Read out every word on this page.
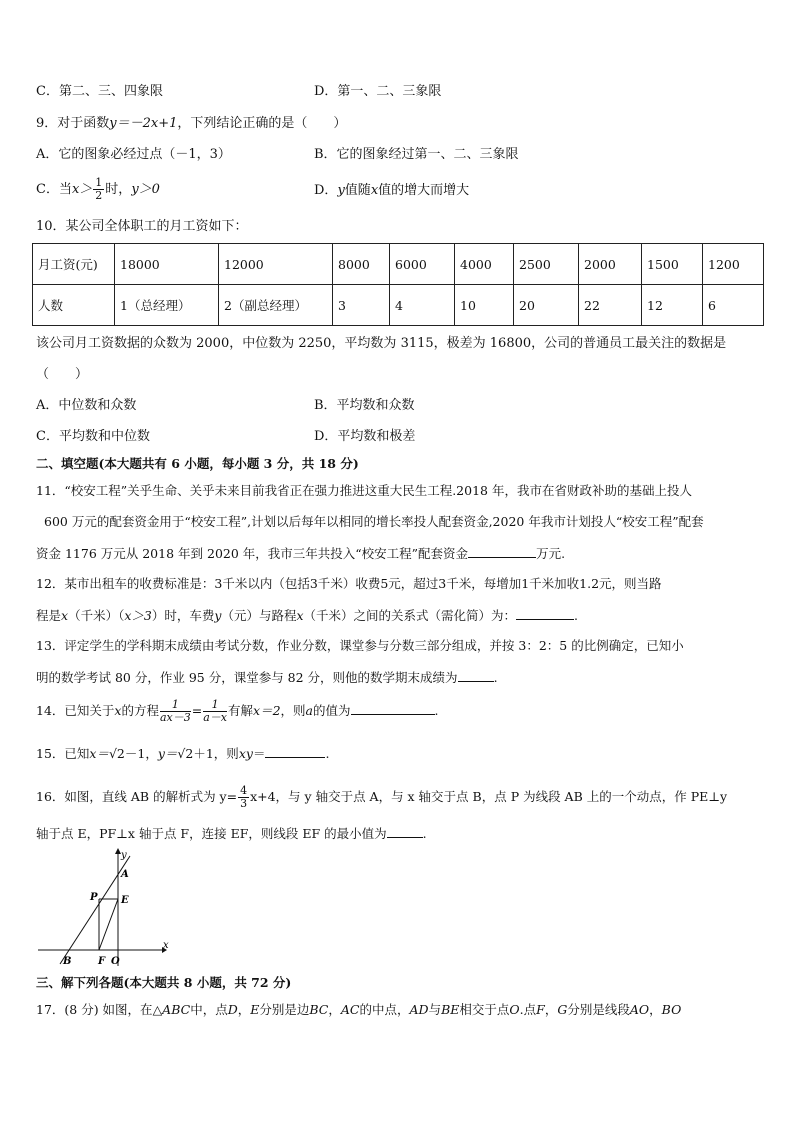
C．第二、三、四象限	D．第一、二、三象限
9．对于函数y＝－2x+1，下列结论正确的是（　　）
A．它的图象必经过点（－1，3）	B．它的图象经过第一、二、三象限
C．当$x> \frac{1}{2}$ 时，y＞0	D．y值随x值的增大而增大
10．某公司全体职工的月工资如下：
月工资(元)	18000	12000	8000	6000	4000	2500	2000	1500	1200
人数	1（总经理）	2（副总经理）	3	4	10	20	22	12	6
该公司月工资数据的众数为 2000，中位数为 2250，平均数为 3115，极差为 16800，公司的普通员工最关注的数据是
（　　）
A．中位数和众数	B．平均数和众数
C．平均数和中位数	D．平均数和极差
二、填空题(本大题共有 6 小题，每小题 3 分，共 18 分)
11．“校安工程”关乎生命、关乎未来目前我省正在强力推进这重大民生工程.2018 年，我市在省财政补助的基础上投人
600 万元的配套资金用于“校安工程”,计划以后每年以相同的增长率投人配套资金,2020 年我市计划投人“校安工程”配套
资金 1176 万元从 2018 年到 2020 年，我市三年共投入“校安工程”配套资金	万元.
12．某市出租车的收费标准是：3千米以内（包括3千米）收费5元，超过3千米，每增加1千米加收1.2元，则当路
程是x（千米）（x＞3）时，车费y（元）与路程x（千米）之间的关系式（需化简）为：	.
13．评定学生的学科期末成绩由考试分数，作业分数，课堂参与分数三部分组成，并按 3：2：5 的比例确定，已知小
明的数学考试 80 分，作业 95 分，课堂参与 82 分，则他的数学期末成绩为	.
14．已知关于x的方程 $\frac{1}{ax-3} = \frac{1}{a-x}$ 有解x＝2，则a的值为	.
15．已知x＝√2－1，y＝√2＋1，则xy＝	.
16．如图，直线 AB 的解析式为 $y= \frac{4}{3} x+4$，与 y 轴交于点 A，与 x 轴交于点 B，点 P 为线段 AB 上的一个动点，作 PE⊥y
轴于点 E，PF⊥x 轴于点 F，连接 EF，则线段 EF 的最小值为	.
y
x
A
E
P
B	F O
三、解下列各题(本大题共 8 小题，共 72 分)
17．(8 分) 如图，在△ABC中，点D，E分别是边BC，AC的中点，AD与BE相交于点O.点F，G分别是线段AO，BO
